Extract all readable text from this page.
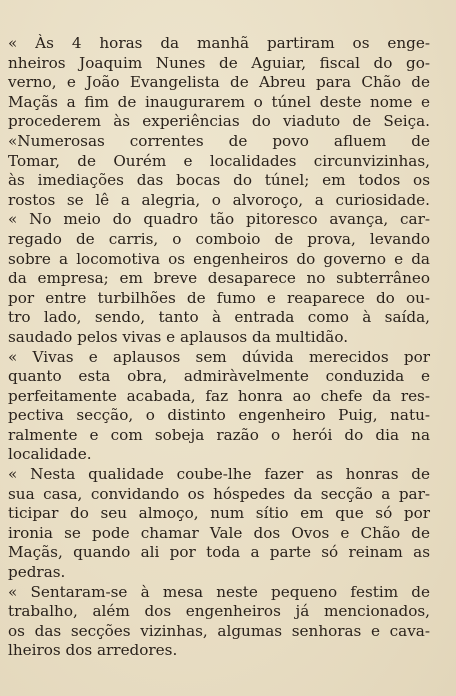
« Às 4 horas da manhã partiram os enge-
nheiros Joaquim Nunes de Aguiar, fiscal do go-
verno, e João Evangelista de Abreu para Chão de
Maçãs a fim de inaugurarem o túnel deste nome e
procederem às experiências do viaduto de Seiça.
«Numerosas correntes de povo afluem de
Tomar, de Ourém e localidades circunvizinhas,
às imediações das bocas do túnel; em todos os
rostos se lê a alegria, o alvoroço, a curiosidade.
« No meio do quadro tão pitoresco avança, car-
regado de carris, o comboio de prova, levando
sobre a locomotiva os engenheiros do governo e da
da empresa; em breve desaparece no subterrâneo
por entre turbilhões de fumo e reaparece do ou-
tro lado, sendo, tanto à entrada como à saída,
saudado pelos vivas e aplausos da multidão.
« Vivas e aplausos sem dúvida merecidos por
quanto esta obra, admiràvelmente conduzida e
perfeitamente acabada, faz honra ao chefe da res-
pectiva secção, o distinto engenheiro Puig, natu-
ralmente e com sobeja razão o herói do dia na
localidade.
« Nesta qualidade coube-lhe fazer as honras de
sua casa, convidando os hóspedes da secção a par-
ticipar do seu almoço, num sítio em que só por
ironia se pode chamar Vale dos Ovos e Chão de
Maçãs, quando ali por toda a parte só reinam as
pedras.
« Sentaram-se à mesa neste pequeno festim de
trabalho, além dos engenheiros já mencionados,
os das secções vizinhas, algumas senhoras e cava-
lheiros dos arredores.
